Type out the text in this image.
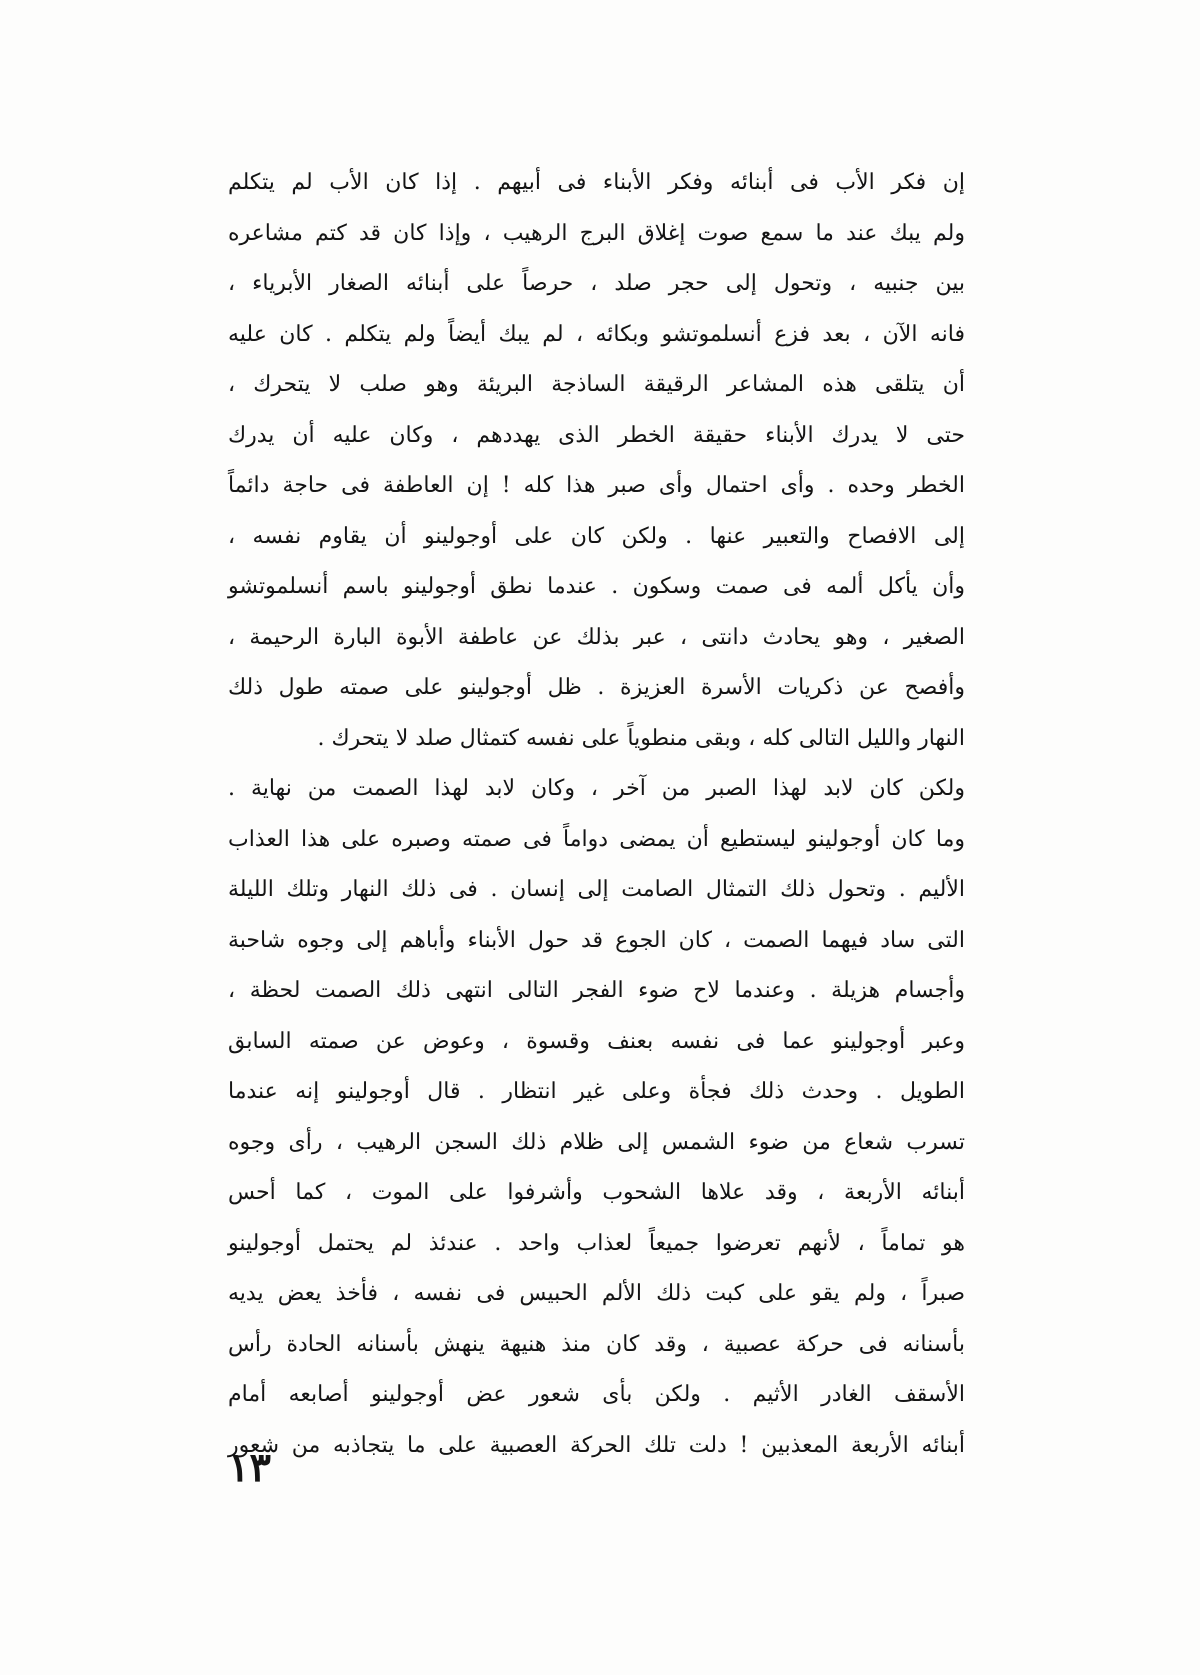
إن فكر الأب فى أبنائه وفكر الأبناء فى أبيهم . إذا كان الأب لم يتكلم
ولم يبك عند ما سمع صوت إغلاق البرج الرهيب ، وإذا كان قد كتم مشاعره
بين جنبيه ، وتحول إلى حجر صلد ، حرصاً على أبنائه الصغار الأبرياء ،
فانه الآن ، بعد فزع أنسلموتشو وبكائه ، لم يبك أيضاً ولم يتكلم . كان عليه
أن يتلقى هذه المشاعر الرقيقة الساذجة البريئة وهو صلب لا يتحرك ،
حتى لا يدرك الأبناء حقيقة الخطر الذى يهددهم ، وكان عليه أن يدرك
الخطر وحده . وأى احتمال وأى صبر هذا كله ! إن العاطفة فى حاجة دائماً
إلى الافصاح والتعبير عنها . ولكن كان على أوجولينو أن يقاوم نفسه ،
وأن يأكل ألمه فى صمت وسكون . عندما نطق أوجولينو باسم أنسلموتشو
الصغير ، وهو يحادث دانتى ، عبر بذلك عن عاطفة الأبوة البارة الرحيمة ،
وأفصح عن ذكريات الأسرة العزيزة . ظل أوجولينو على صمته طول ذلك
النهار والليل التالى كله ، وبقى منطوياً على نفسه كتمثال صلد لا يتحرك .
ولكن كان لابد لهذا الصبر من آخر ، وكان لابد لهذا الصمت من نهاية .
وما كان أوجولينو ليستطيع أن يمضى دواماً فى صمته وصبره على هذا العذاب
الأليم . وتحول ذلك التمثال الصامت إلى إنسان . فى ذلك النهار وتلك الليلة
التى ساد فيهما الصمت ، كان الجوع قد حول الأبناء وأباهم إلى وجوه شاحبة
وأجسام هزيلة . وعندما لاح ضوء الفجر التالى انتهى ذلك الصمت لحظة ،
وعبر أوجولينو عما فى نفسه بعنف وقسوة ، وعوض عن صمته السابق
الطويل . وحدث ذلك فجأة وعلى غير انتظار . قال أوجولينو إنه عندما
تسرب شعاع من ضوء الشمس إلى ظلام ذلك السجن الرهيب ، رأى وجوه
أبنائه الأربعة ، وقد علاها الشحوب وأشرفوا على الموت ، كما أحس
هو تماماً ، لأنهم تعرضوا جميعاً لعذاب واحد . عندئذ لم يحتمل أوجولينو
صبراً ، ولم يقو على كبت ذلك الألم الحبيس فى نفسه ، فأخذ يعض يديه
بأسنانه فى حركة عصبية ، وقد كان منذ هنيهة ينهش بأسنانه الحادة رأس
الأسقف الغادر الأثيم . ولكن بأى شعور عض أوجولينو أصابعه أمام
أبنائه الأربعة المعذبين ! دلت تلك الحركة العصبية على ما يتجاذبه من شعور
١٣
